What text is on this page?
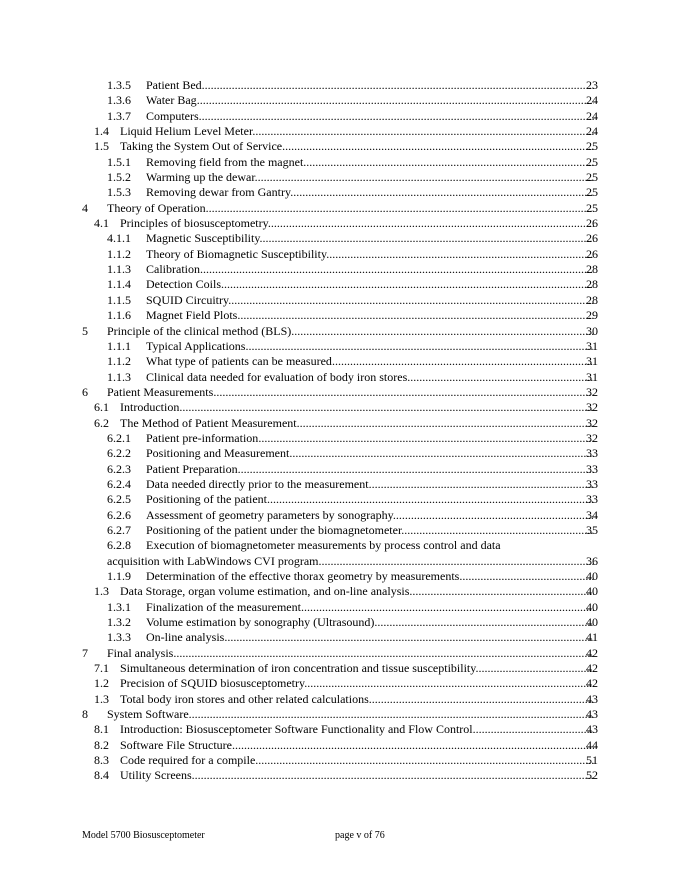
1.3.5 Patient Bed .....	23
1.3.6 Water Bag .....	24
1.3.7 Computers .....	24
1.4 Liquid Helium Level Meter .....	24
1.5 Taking the System Out of Service .....	25
1.5.1 Removing field from the magnet .....	25
1.5.2 Warming up the dewar .....	25
1.5.3 Removing dewar from Gantry .....	25
4 Theory of Operation .....	25
4.1 Principles of biosusceptometry .....	26
4.1.1 Magnetic Susceptibility .....	26
1.1.2 Theory of Biomagnetic Susceptibility .....	26
1.1.3 Calibration. .....	28
1.1.4 Detection Coils .....	28
1.1.5 SQUID Circuitry .....	28
1.1.6 Magnet Field Plots .....	29
5 Principle of the clinical method (BLS) .....	30
1.1.1 Typical Applications .....	31
1.1.2 What type of patients can be measured .....	31
1.1.3 Clinical data needed for evaluation of body iron stores .....	31
6 Patient Measurements .....	32
6.1 Introduction .....	32
6.2 The Method of Patient Measurement .....	32
6.2.1 Patient pre-information .....	32
6.2.2 Positioning and Measurement .....	33
6.2.3 Patient Preparation .....	33
6.2.4 Data needed directly prior to the measurement .....	33
6.2.5 Positioning of the patient .....	33
6.2.6 Assessment of geometry parameters by sonography .....	34
6.2.7 Positioning of the patient under the biomagnetometer .....	35
6.2.8 Execution of biomagnetometer measurements by process control and data
acquisition with LabWindows CVI program. .....	36
1.1.9 Determination of the effective thorax geometry by measurements .....	40
1.3 Data Storage, organ volume estimation, and on-line analysis .....	40
1.3.1 Finalization of the measurement .....	40
1.3.2 Volume estimation by sonography (Ultrasound) .....	40
1.3.3 On-line analysis .....	41
7 Final analysis .....	42
7.1 Simultaneous determination of iron concentration and tissue susceptibility. .....	42
1.2 Precision of SQUID biosusceptometry .....	42
1.3 Total body iron stores and other related calculations .....	43
8 System Software .....	43
8.1 Introduction: Biosusceptometer Software Functionality and Flow Control .....	43
8.2 Software File Structure .....	44
8.3 Code required for a compile .....	51
8.4 Utility Screens .....	52
Model 5700 Biosusceptometer	page v of 76
